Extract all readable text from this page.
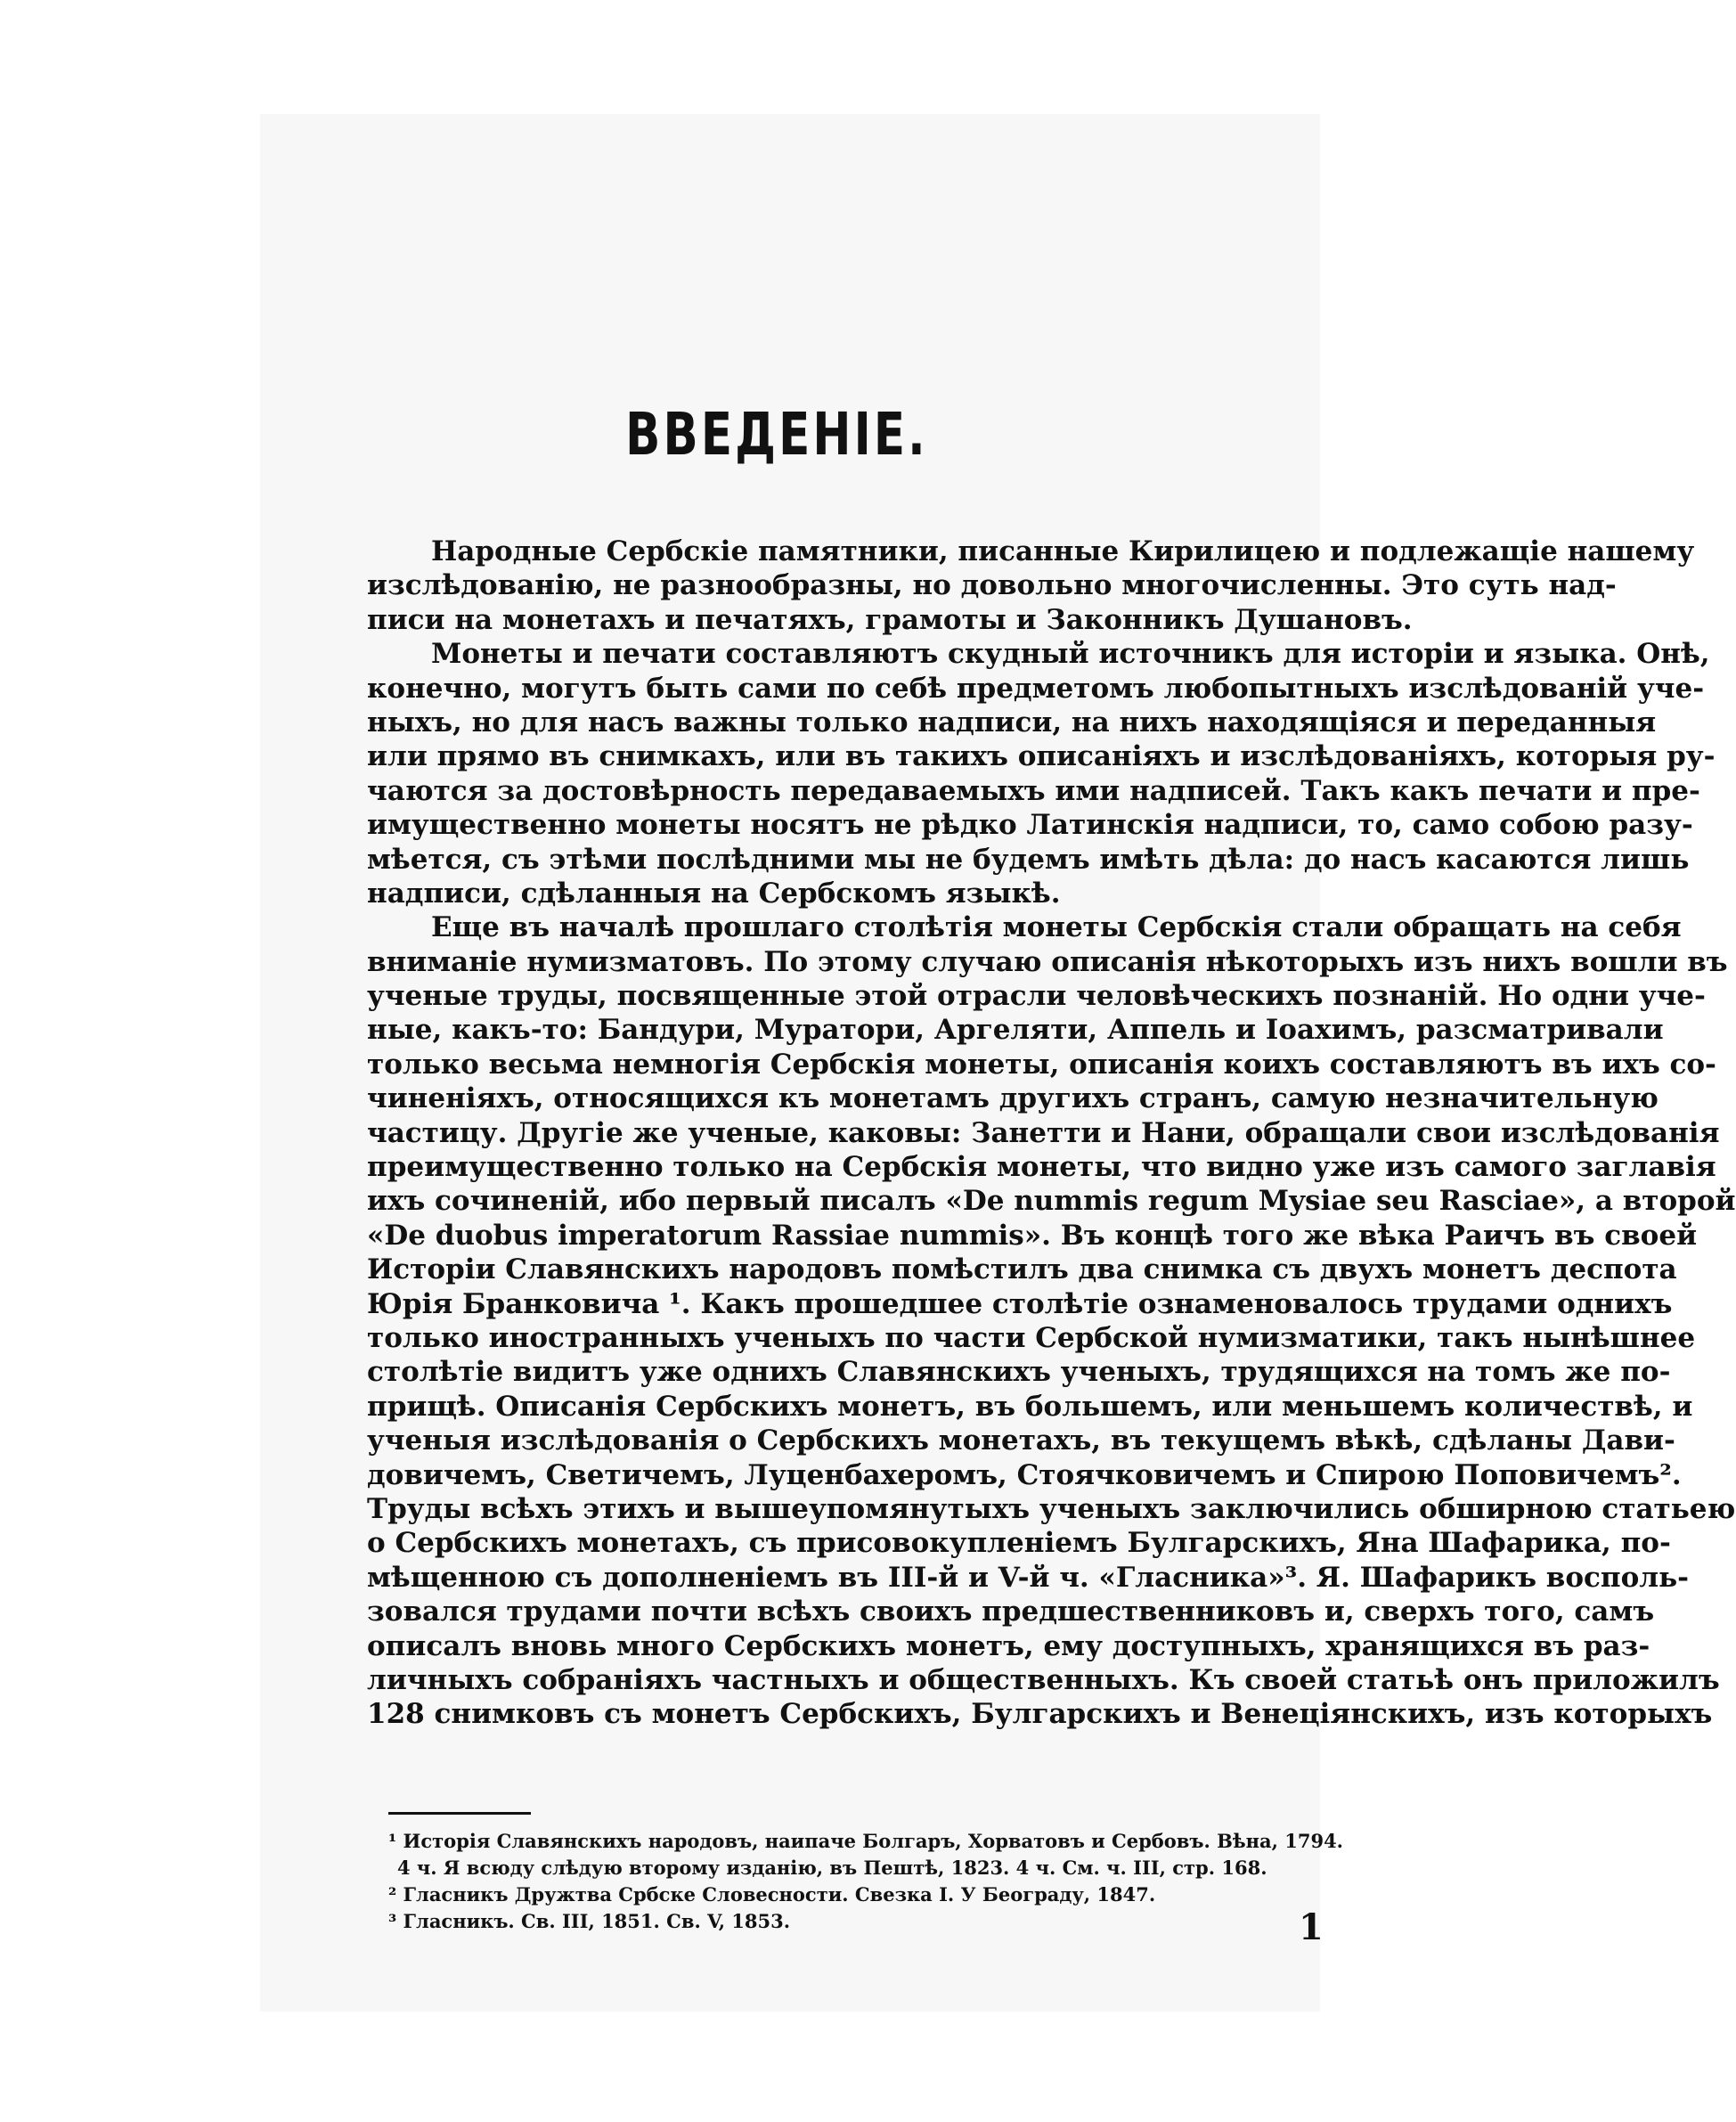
ВВЕДЕНІЕ.
Народные Сербскіе памятники, писанные Кирилицею и подлежащіе нашему
изслѣдованію, не разнообразны, но довольно многочисленны. Это суть над-
писи на монетахъ и печатяхъ, грамоты и Законникъ Душановъ.
Монеты и печати составляютъ скудный источникъ для исторіи и языка. Онѣ,
конечно, могутъ быть сами по себѣ предметомъ любопытныхъ изслѣдованій уче-
ныхъ, но для насъ важны только надписи, на нихъ находящіяся и переданныя
или прямо въ снимкахъ, или въ такихъ описаніяхъ и изслѣдованіяхъ, которыя ру-
чаются за достовѣрность передаваемыхъ ими надписей. Такъ какъ печати и пре-
имущественно монеты носятъ не рѣдко Латинскія надписи, то, само собою разу-
мѣется, съ этѣми послѣдними мы не будемъ имѣть дѣла: до насъ касаются лишь
надписи, сдѣланныя на Сербскомъ языкѣ.
Еще въ началѣ прошлаго столѣтія монеты Сербскія стали обращать на себя
вниманіе нумизматовъ. По этому случаю описанія нѣкоторыхъ изъ нихъ вошли въ
ученые труды, посвященные этой отрасли человѣческихъ познаній. Но одни уче-
ные, какъ-то: Бандури, Муратори, Аргеляти, Аппель и Іоахимъ, разсматривали
только весьма немногія Сербскія монеты, описанія коихъ составляютъ въ ихъ со-
чиненіяхъ, относящихся къ монетамъ другихъ странъ, самую незначительную
частицу. Другіе же ученые, каковы: Занетти и Нани, обращали свои изслѣдованія
преимущественно только на Сербскія монеты, что видно уже изъ самого заглавія
ихъ сочиненій, ибо первый писалъ «De nummis regum Mysiae seu Rasciae», а второй
«De duobus imperatorum Rassiae nummis». Въ концѣ того же вѣка Раичъ въ своей
Исторіи Славянскихъ народовъ помѣстилъ два снимка съ двухъ монетъ деспота
Юрія Бранковича ¹. Какъ прошедшее столѣтіе ознаменовалось трудами однихъ
только иностранныхъ ученыхъ по части Сербской нумизматики, такъ нынѣшнее
столѣтіе видитъ уже однихъ Славянскихъ ученыхъ, трудящихся на томъ же по-
прищѣ. Описанія Сербскихъ монетъ, въ большемъ, или меньшемъ количествѣ, и
ученыя изслѣдованія о Сербскихъ монетахъ, въ текущемъ вѣкѣ, сдѣланы Дави-
довичемъ, Светичемъ, Луценбахеромъ, Стоячковичемъ и Спирою Поповичемъ².
Труды всѣхъ этихъ и вышеупомянутыхъ ученыхъ заключились обширною статьею
о Сербскихъ монетахъ, съ присовокупленіемъ Булгарскихъ, Яна Шафарика, по-
мѣщенною съ дополненіемъ въ III-й и V-й ч. «Гласника»³. Я. Шафарикъ восполь-
зовался трудами почти всѣхъ своихъ предшественниковъ и, сверхъ того, самъ
описалъ вновь много Сербскихъ монетъ, ему доступныхъ, хранящихся въ раз-
личныхъ собраніяхъ частныхъ и общественныхъ. Къ своей статьѣ онъ приложилъ
128 снимковъ съ монетъ Сербскихъ, Булгарскихъ и Венеціянскихъ, изъ которыхъ
¹ Исторія Славянскихъ народовъ, наипаче Болгаръ, Хорватовъ и Сербовъ. Вѣна, 1794.
4 ч. Я всюду слѣдую второму изданію, въ Пештѣ, 1823. 4 ч. См. ч. III, стр. 168.
² Гласникъ Дружтва Србске Словесности. Свезка I. У Београду, 1847.
³ Гласникъ. Св. III, 1851. Св. V, 1853.	1
